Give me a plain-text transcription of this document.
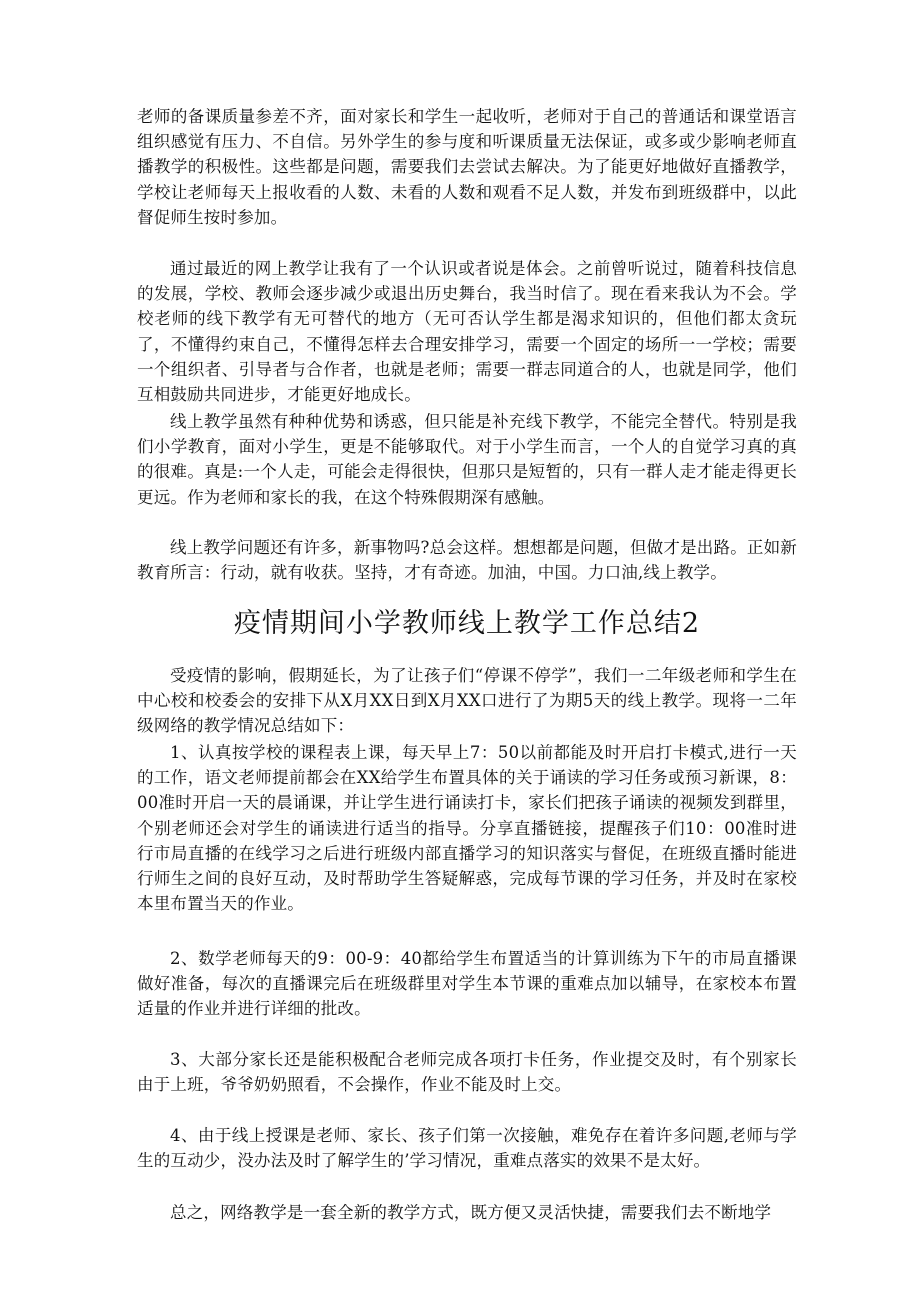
老师的备课质量参差不齐，面对家长和学生一起收听，老师对于自己的普通话和课堂语言组织感觉有压力、不自信。另外学生的参与度和听课质量无法保证，或多或少影响老师直播教学的积极性。这些都是问题，需要我们去尝试去解决。为了能更好地做好直播教学，学校让老师每天上报收看的人数、未看的人数和观看不足人数，并发布到班级群中，以此督促师生按时参加。

通过最近的网上教学让我有了一个认识或者说是体会。之前曾听说过，随着科技信息的发展，学校、教师会逐步减少或退出历史舞台，我当时信了。现在看来我认为不会。学校老师的线下教学有无可替代的地方（无可否认学生都是渴求知识的，但他们都太贪玩了，不懂得约束自己，不懂得怎样去合理安排学习，需要一个固定的场所一一学校；需要一个组织者、引导者与合作者，也就是老师；需要一群志同道合的人，也就是同学，他们互相鼓励共同进步，才能更好地成长。

线上教学虽然有种种优势和诱惑，但只能是补充线下教学，不能完全替代。特别是我们小学教育，面对小学生，更是不能够取代。对于小学生而言，一个人的自觉学习真的真的很难。真是:一个人走，可能会走得很快，但那只是短暂的，只有一群人走才能走得更长更远。作为老师和家长的我，在这个特殊假期深有感触。

线上教学问题还有许多，新事物吗?总会这样。想想都是问题，但做才是出路。正如新教育所言：行动，就有收获。坚持，才有奇迹。加油，中国。力口油,线上教学。

疫情期间小学教师线上教学工作总结2

受疫情的影响，假期延长，为了让孩子们“停课不停学”，我们一二年级老师和学生在中心校和校委会的安排下从X月XX日到X月XX口进行了为期5天的线上教学。现将一二年级网络的教学情况总结如下：

1、认真按学校的课程表上课，每天早上7：50以前都能及时开启打卡模式,进行一天的工作，语文老师提前都会在XX给学生布置具体的关于诵读的学习任务或预习新课，8：00准时开启一天的晨诵课，并让学生进行诵读打卡，家长们把孩子诵读的视频发到群里，个别老师还会对学生的诵读进行适当的指导。分享直播链接，提醒孩子们10：00准时进行市局直播的在线学习之后进行班级内部直播学习的知识落实与督促，在班级直播时能进行师生之间的良好互动，及时帮助学生答疑解惑，完成每节课的学习任务，并及时在家校本里布置当天的作业。

2、数学老师每天的9：00-9：40都给学生布置适当的计算训练为下午的市局直播课做好准备，每次的直播课完后在班级群里对学生本节课的重难点加以辅导，在家校本布置适量的作业并进行详细的批改。

3、大部分家长还是能积极配合老师完成各项打卡任务，作业提交及时，有个别家长由于上班，爷爷奶奶照看，不会操作，作业不能及时上交。

4、由于线上授课是老师、家长、孩子们第一次接触，难免存在着许多问题,老师与学生的互动少，没办法及时了解学生的’学习情况，重难点落实的效果不是太好。

总之，网络教学是一套全新的教学方式，既方便又灵活快捷，需要我们去不断地学
